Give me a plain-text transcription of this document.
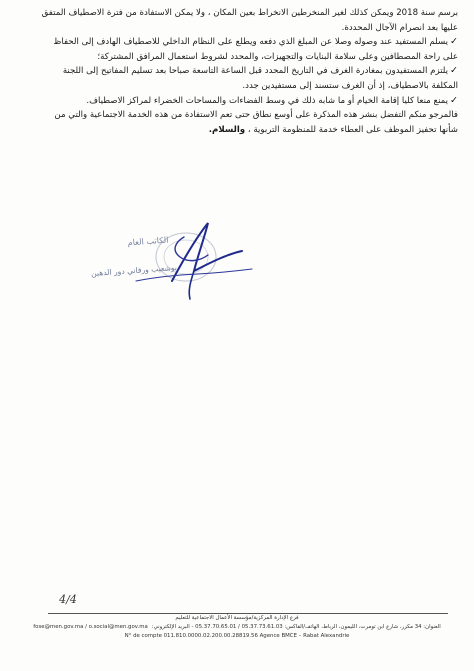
برسم سنة 2018 ويمكن كذلك لغير المنخرطين الانخراط بعين المكان ، ولا يمكن الاستفادة من فترة الاصطياف المتفق عليها بعد انصرام الآجال المحددة.

✓يسلم المستفيد عند وصوله وصلا عن المبلغ الذي دفعه ويطلع على النظام الداخلي للاصطياف الهادف إلى الحفاظ على راحة المصطافين وعلى سلامة البنايات والتجهيزات، والمحدد لشروط استعمال المرافق المشتركة؛

✓يلتزم المستفيدون بمغادرة الغرف في التاريخ المحدد قبل الساعة التاسعة صباحا بعد تسليم المفاتيح إلى اللجنة المكلفة بالاصطياف، إذ أن الغرف ستسند إلى مستفيدين جدد.

✓يمنع منعا كليا إقامة الخيام أو ما شابه ذلك في وسط الفضاءات والمساحات الخضراء لمراكز الاصطياف.

فالمرجو منكم التفضل بنشر هذه المذكرة على أوسع نطاق حتى تعم الاستفادة من هذه الخدمة الاجتماعية والتي من شأنها تحفيز الموظف على العطاء خدمة للمنظومة التربوية ، والسلام.

الكاتب العام
بوشعيب ورقاني دور الدهبن
4/4
فرع الإدارة المركزية/مؤسسة الأعمال الاجتماعية للتعليم
العنوان: 34 مكرر، شارع ابن تومرت، الليمون، الرباط، الهاتف/الفاكس: 05.37.73.61.03 / 05.37.70.65.01 - البريد الإلكتروني:fose@men.gov.ma / o.social@men.gov.ma
N° de compte 011.810.0000.02.200.00.28819.56 Agence BMCE – Rabat Alexandrie
